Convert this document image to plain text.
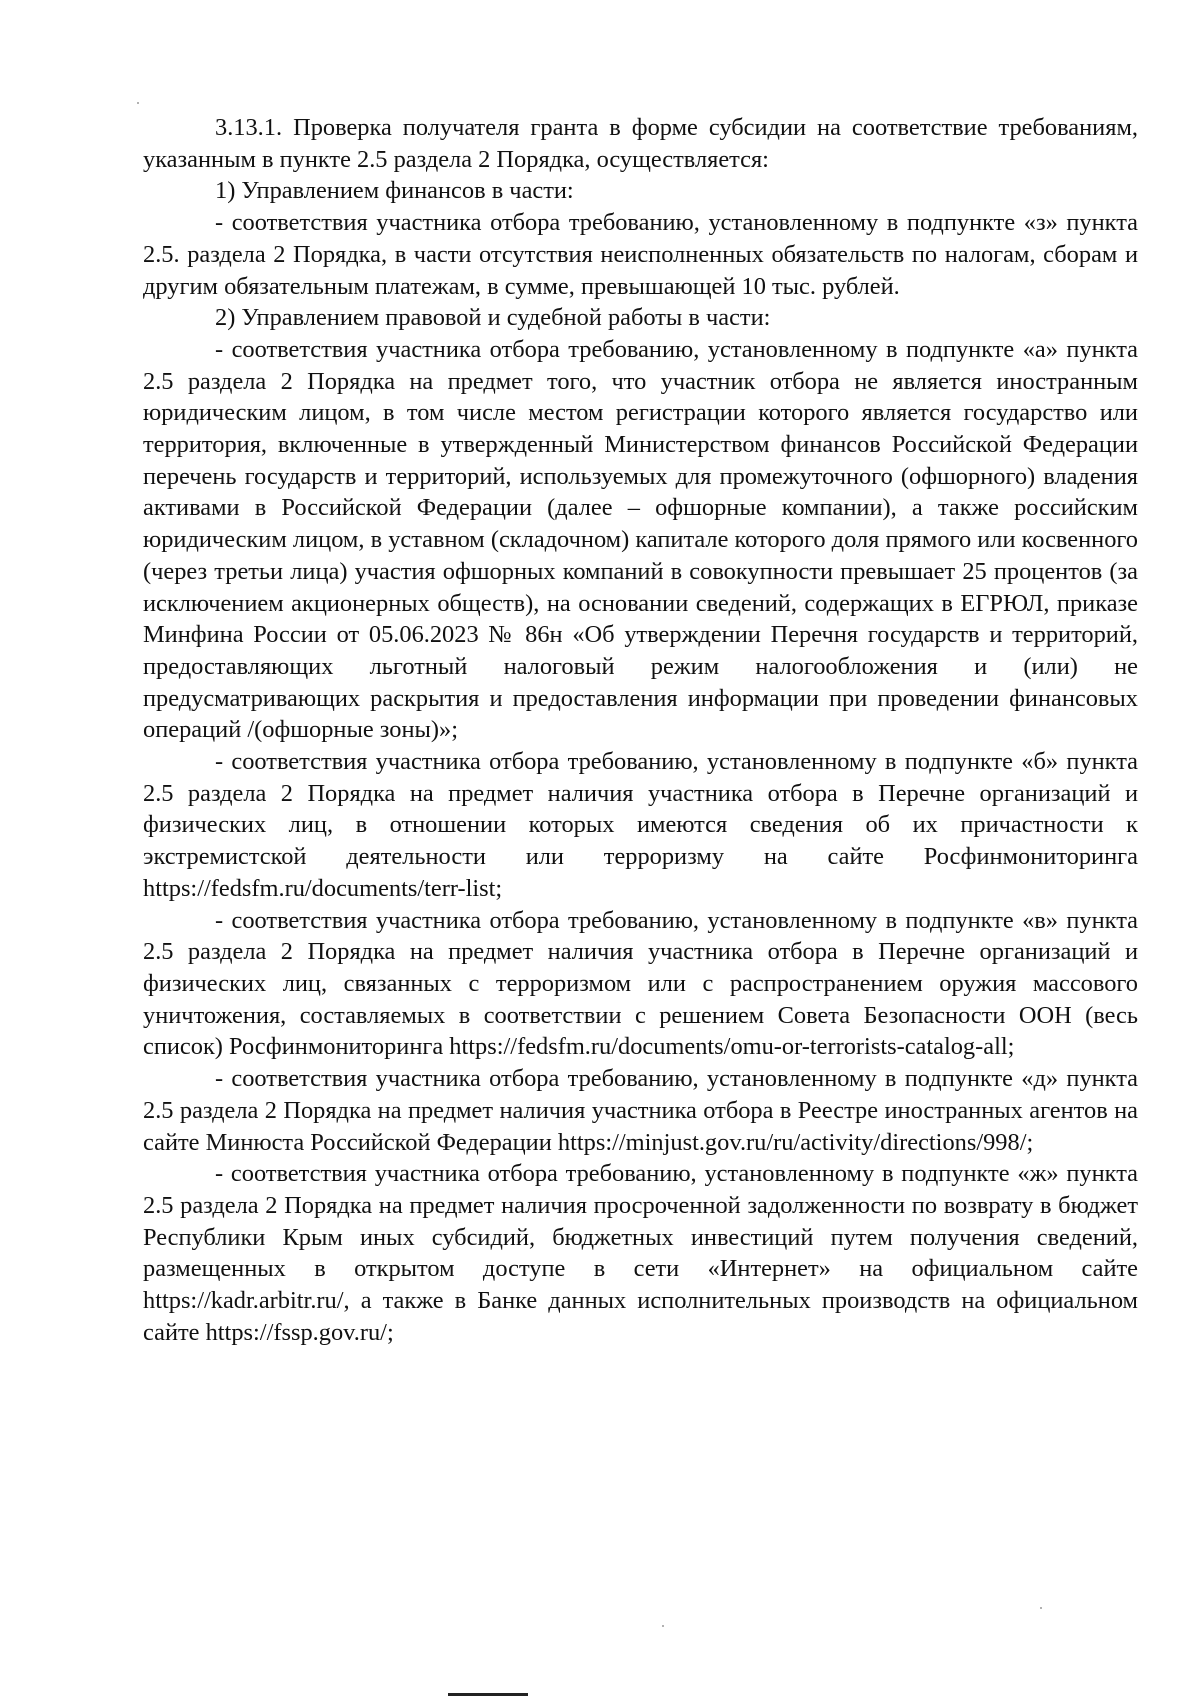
3.13.1. Проверка получателя гранта в форме субсидии на соответствие требованиям, указанным в пункте 2.5 раздела 2 Порядка, осуществляется:

1) Управлением финансов в части:

- соответствия участника отбора требованию, установленному в подпункте «з» пункта 2.5. раздела 2 Порядка, в части отсутствия неисполненных обязательств по налогам, сборам и другим обязательным платежам, в сумме, превышающей 10 тыс. рублей.

2) Управлением правовой и судебной работы в части:

- соответствия участника отбора требованию, установленному в подпункте «а» пункта 2.5 раздела 2 Порядка на предмет того, что участник отбора не является иностранным юридическим лицом, в том числе местом регистрации которого является государство или территория, включенные в утвержденный Министерством финансов Российской Федерации перечень государств и территорий, используемых для промежуточного (офшорного) владения активами в Российской Федерации (далее – офшорные компании), а также российским юридическим лицом, в уставном (складочном) капитале которого доля прямого или косвенного (через третьи лица) участия офшорных компаний в совокупности превышает 25 процентов (за исключением акционерных обществ), на основании сведений, содержащих в ЕГРЮЛ, приказе Минфина России от 05.06.2023 № 86н «Об утверждении Перечня государств и территорий, предоставляющих льготный налоговый режим налогообложения и (или) не предусматривающих раскрытия и предоставления информации при проведении финансовых операций /(офшорные зоны)»;

- соответствия участника отбора требованию, установленному в подпункте «б» пункта 2.5 раздела 2 Порядка на предмет наличия участника отбора в Перечне организаций и физических лиц, в отношении которых имеются сведения об их причастности к экстремистской деятельности или терроризму на сайте Росфинмониторинга https://fedsfm.ru/documents/terr-list;

- соответствия участника отбора требованию, установленному в подпункте «в» пункта 2.5 раздела 2 Порядка на предмет наличия участника отбора в Перечне организаций и физических лиц, связанных с терроризмом или с распространением оружия массового уничтожения, составляемых в соответствии с решением Совета Безопасности ООН (весь список) Росфинмониторинга https://fedsfm.ru/documents/omu-or-terrorists-catalog-all;

- соответствия участника отбора требованию, установленному в подпункте «д» пункта 2.5 раздела 2 Порядка на предмет наличия участника отбора в Реестре иностранных агентов на сайте Минюста Российской Федерации https://minjust.gov.ru/ru/activity/directions/998/;

- соответствия участника отбора требованию, установленному в подпункте «ж» пункта 2.5 раздела 2 Порядка на предмет наличия просроченной задолженности по возврату в бюджет Республики Крым иных субсидий, бюджетных инвестиций путем получения сведений, размещенных в открытом доступе в сети «Интернет» на официальном сайте https://kadr.arbitr.ru/, а также в Банке данных исполнительных производств на официальном сайте https://fssp.gov.ru/;
